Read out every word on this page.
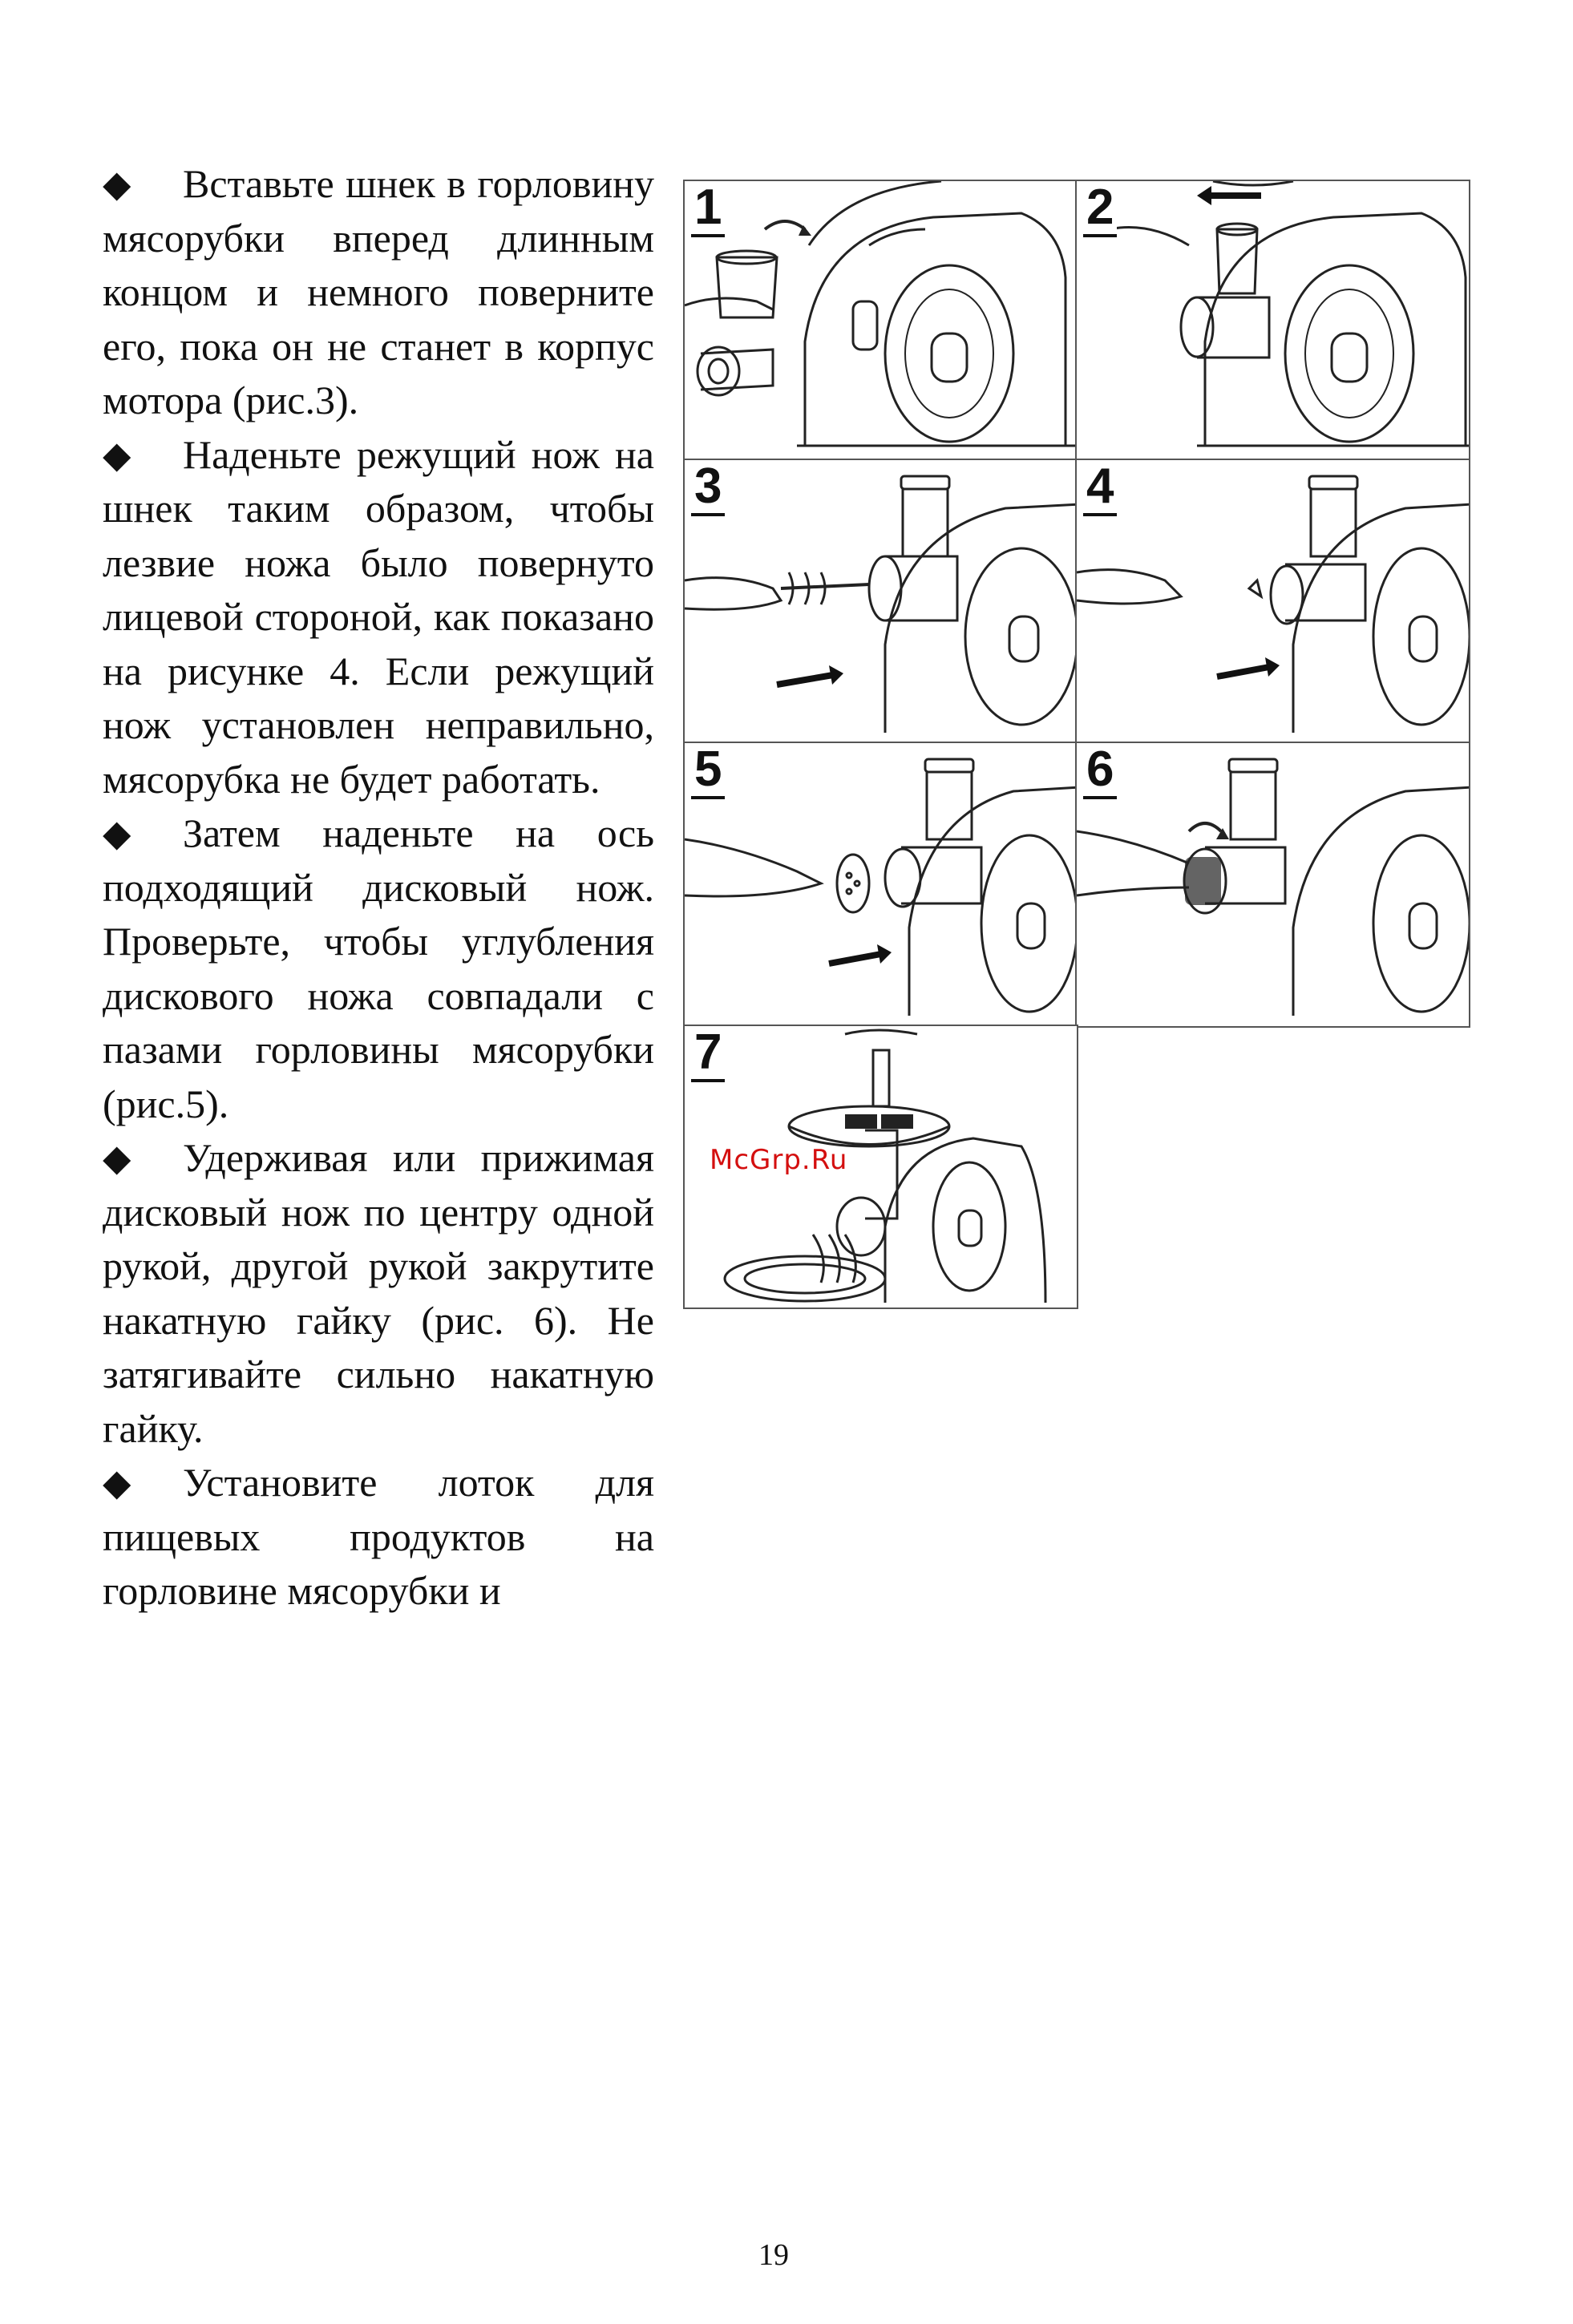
◆ Вставьте шнек в горловину мясорубки вперед длинным концом и немного поверните его, пока он не станет в корпус мотора (рис.3).

◆ Наденьте режущий нож на шнек таким образом, чтобы лезвие ножа было повернуто лицевой стороной, как показано на рисунке 4. Если режущий нож установлен неправильно, мясорубка не будет работать.

◆ Затем наденьте на ось подходящий дисковый нож. Проверьте, чтобы углубления дискового ножа совпадали с пазами горловины мясорубки (рис.5).

◆ Удерживая или прижимая дисковый нож по центру одной рукой, другой рукой закрутите накатную гайку (рис. 6). Не затягивайте сильно накатную гайку.

◆ Установите лоток для пищевых продуктов на горловине мясорубки и

1	2
3	4
5	6
7
McGrp.Ru
19
